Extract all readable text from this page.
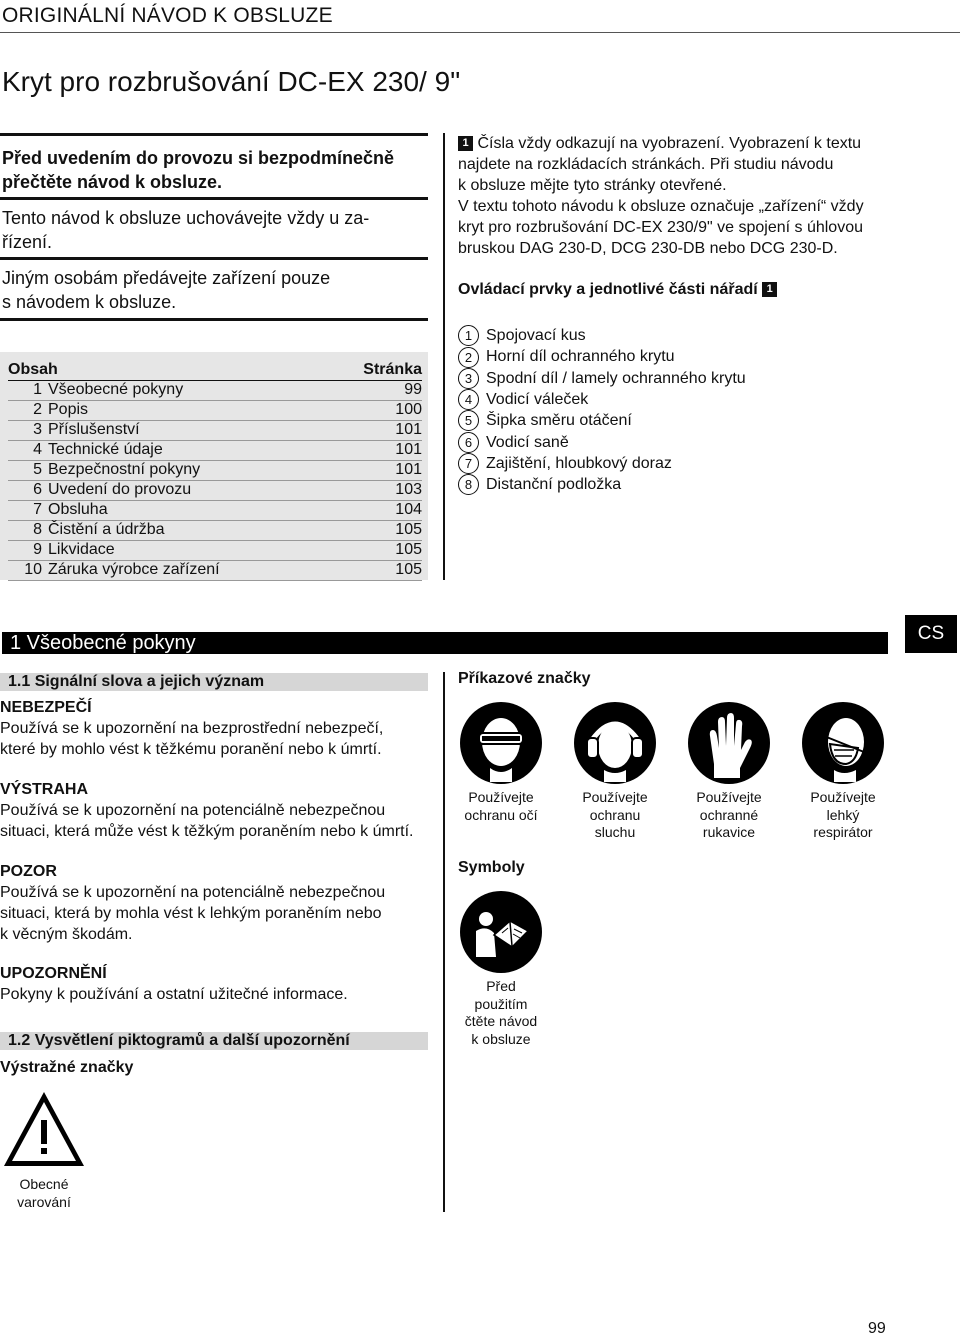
ORIGINÁLNÍ NÁVOD K OBSLUZE
Kryt pro rozbrušování DC-EX 230/ 9"
Před uvedením do provozu si bezpodmínečně
přečtěte návod k obsluze.
Tento návod k obsluze uchovávejte vždy u za-
řízení.
Jiným osobám předávejte zařízení pouze
s návodem k obsluze.
Obsah	Stránka
1 Všeobecné pokyny	99
2 Popis	100
3 Příslušenství	101
4 Technické údaje	101
5 Bezpečnostní pokyny	101
6 Uvedení do provozu	103
7 Obsluha	104
8 Čistění a údržba	105
9 Likvidace	105
10 Záruka výrobce zařízení	105
1 Čísla vždy odkazují na vyobrazení. Vyobrazení k textu
najdete na rozkládacích stránkách. Při studiu návodu
k obsluze mějte tyto stránky otevřené.
V textu tohoto návodu k obsluze označuje „zařízení“ vždy
kryt pro rozbrušování DC-EX 230/9" ve spojení s úhlovou
bruskou DAG 230-D, DCG 230-DB nebo DCG 230-D.
Ovládací prvky a jednotlivé části nářadí 1
1 Spojovací kus
2 Horní díl ochranného krytu
3 Spodní díl / lamely ochranného krytu
4 Vodicí váleček
5 Šipka směru otáčení
6 Vodicí saně
7 Zajištění, hloubkový doraz
8 Distanční podložka
1 Všeobecné pokyny	CS
1.1 Signální slova a jejich význam
NEBEZPEČÍ
Používá se k upozornění na bezprostřední nebezpečí,
které by mohlo vést k těžkému poranění nebo k úmrtí.
VÝSTRAHA
Používá se k upozornění na potenciálně nebezpečnou
situaci, která může vést k těžkým poraněním nebo k úmrtí.
POZOR
Používá se k upozornění na potenciálně nebezpečnou
situaci, která by mohla vést k lehkým poraněním nebo
k věcným škodám.
UPOZORNĚNÍ
Pokyny k používání a ostatní užitečné informace.
1.2 Vysvětlení piktogramů a další upozornění
Výstražné značky
Obecné
varování
Příkazové značky
Používejte
ochranu očí
Používejte
ochranu
sluchu
Používejte
ochranné
rukavice
Používejte
lehký
respirátor
Symboly
Před
použitím
čtěte návod
k obsluze
99
